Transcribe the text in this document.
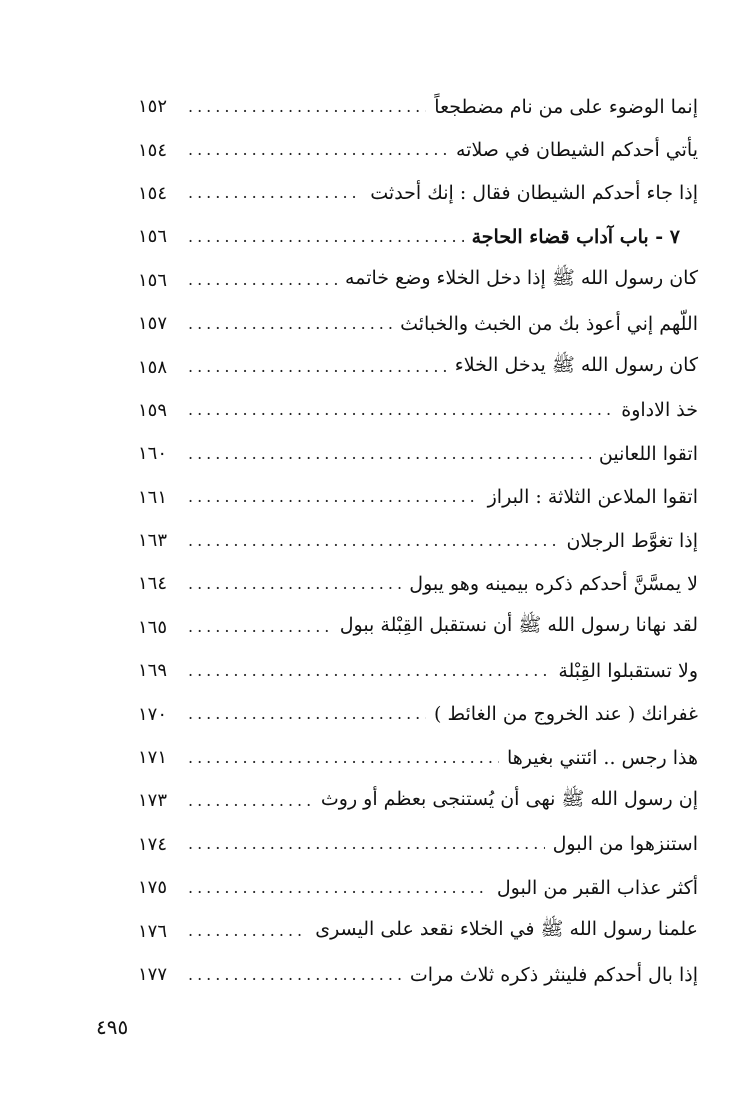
إنما الوضوء على من نام مضطجعاً
.....
١٥٢
يأتي أحدكم الشيطان في صلاته
.....
١٥٤
إذا جاء أحدكم الشيطان فقال : إنك أحدثت
.....
١٥٤
٧ - باب آداب قضاء الحاجة
.....
١٥٦
كان رسول الله ﷺ إذا دخل الخلاء وضع خاتمه
.....
١٥٦
اللّهم إني أعوذ بك من الخبث والخبائث
.....
١٥٧
كان رسول الله ﷺ يدخل الخلاء
.....
١٥٨
خذ الاداوة
.....
١٥٩
اتقوا اللعانين
.....
١٦٠
اتقوا الملاعن الثلاثة : البراز
.....
١٦١
إذا تغوَّط الرجلان
.....
١٦٣
لا يمسَّنَّ أحدكم ذكره بيمينه وهو يبول
.....
١٦٤
لقد نهانا رسول الله ﷺ أن نستقبل القِبْلة ببول
.....
١٦٥
ولا تستقبلوا القِبْلة
.....
١٦٩
غفرانك ( عند الخروج من الغائط )
.....
١٧٠
هذا رجس .. ائتني بغيرها
.....
١٧١
إن رسول الله ﷺ نهى أن يُستنجى بعظم أو روث
.....
١٧٣
استنزهوا من البول
.....
١٧٤
أكثر عذاب القبر من البول
.....
١٧٥
علمنا رسول الله ﷺ في الخلاء نقعد على اليسرى
.....
١٧٦
إذا بال أحدكم فلينثر ذكره ثلاث مرات
.....
١٧٧
٤٩٥
